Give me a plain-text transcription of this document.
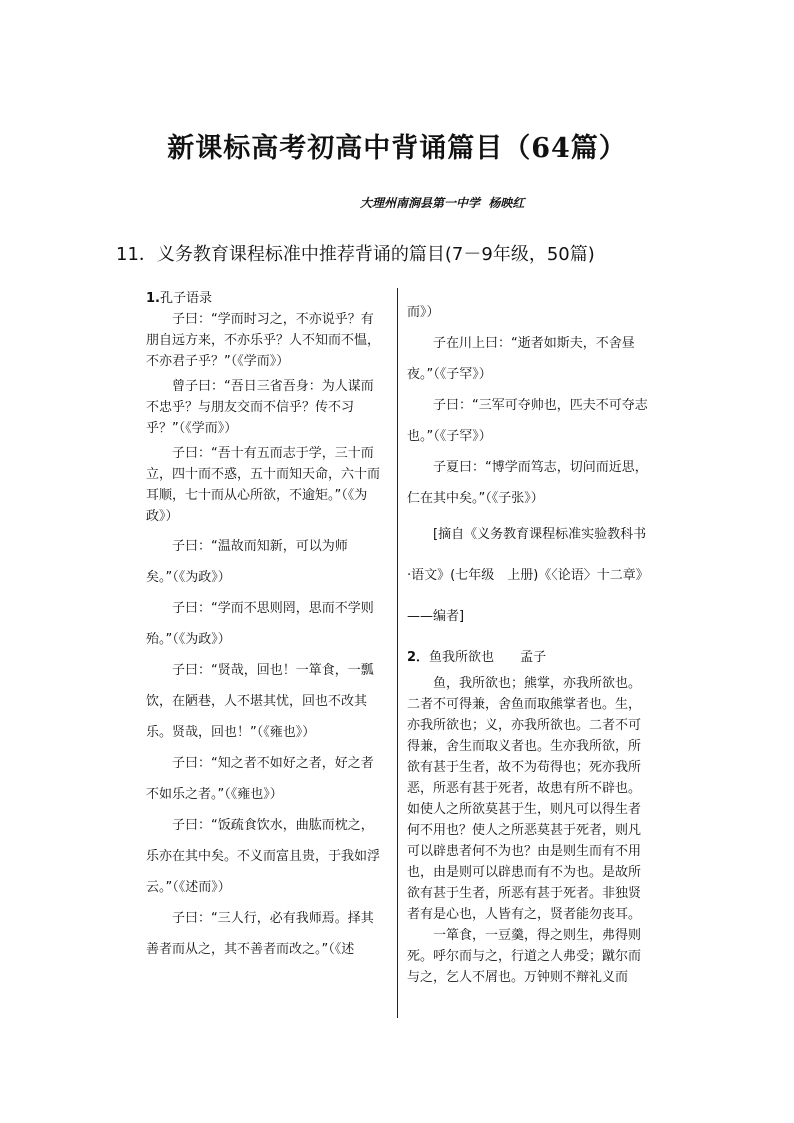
新课标高考初高中背诵篇目（64篇）
大理州南涧县第一中学  杨映红
11．义务教育课程标准中推荐背诵的篇目(7－9年级，50篇)
1.孔子语录

子曰：“学而时习之，不亦说乎？有朋自远方来，不亦乐乎？人不知而不愠，不亦君子乎？”（《学而》）

曾子曰：“吾日三省吾身：为人谋而不忠乎？与朋友交而不信乎？传不习乎？”（《学而》）

子曰：“吾十有五而志于学，三十而立，四十而不惑，五十而知天命，六十而耳顺，七十而从心所欲，不逾矩。”（《为政》）

子曰：“温故而知新，可以为师矣。”（《为政》）

子曰：“学而不思则罔，思而不学则殆。”（《为政》）

子曰：“贤哉，回也！一箪食，一瓢饮，在陋巷，人不堪其忧，回也不改其乐。贤哉，回也！”（《雍也》）

子曰：“知之者不如好之者，好之者不如乐之者。”（《雍也》）

子曰：“饭疏食饮水，曲肱而枕之，乐亦在其中矣。不义而富且贵，于我如浮云。”（《述而》）

子曰：“三人行，必有我师焉。择其善者而从之，其不善者而改之。”（《述

而》）

子在川上曰：“逝者如斯夫，不舍昼夜。”（《子罕》）

子曰：“三军可夺帅也，匹夫不可夺志也。”（《子罕》）

子夏曰：“博学而笃志，切问而近思，仁在其中矣。”（《子张》）

[摘自《义务教育课程标准实验教科书·语文》(七年级　上册)《〈论语〉十二章》——编者]

2．鱼我所欲也 孟子

鱼，我所欲也；熊掌，亦我所欲也。二者不可得兼，舍鱼而取熊掌者也。生，亦我所欲也；义，亦我所欲也。二者不可得兼，舍生而取义者也。生亦我所欲，所欲有甚于生者，故不为苟得也；死亦我所恶，所恶有甚于死者，故患有所不辟也。如使人之所欲莫甚于生，则凡可以得生者何不用也？使人之所恶莫甚于死者，则凡可以辟患者何不为也？由是则生而有不用也，由是则可以辟患而有不为也。是故所欲有甚于生者，所恶有甚于死者。非独贤者有是心也，人皆有之，贤者能勿丧耳。

一箪食，一豆羹，得之则生，弗得则死。呼尔而与之，行道之人弗受；蹴尔而与之，乞人不屑也。万钟则不辩礼义而
